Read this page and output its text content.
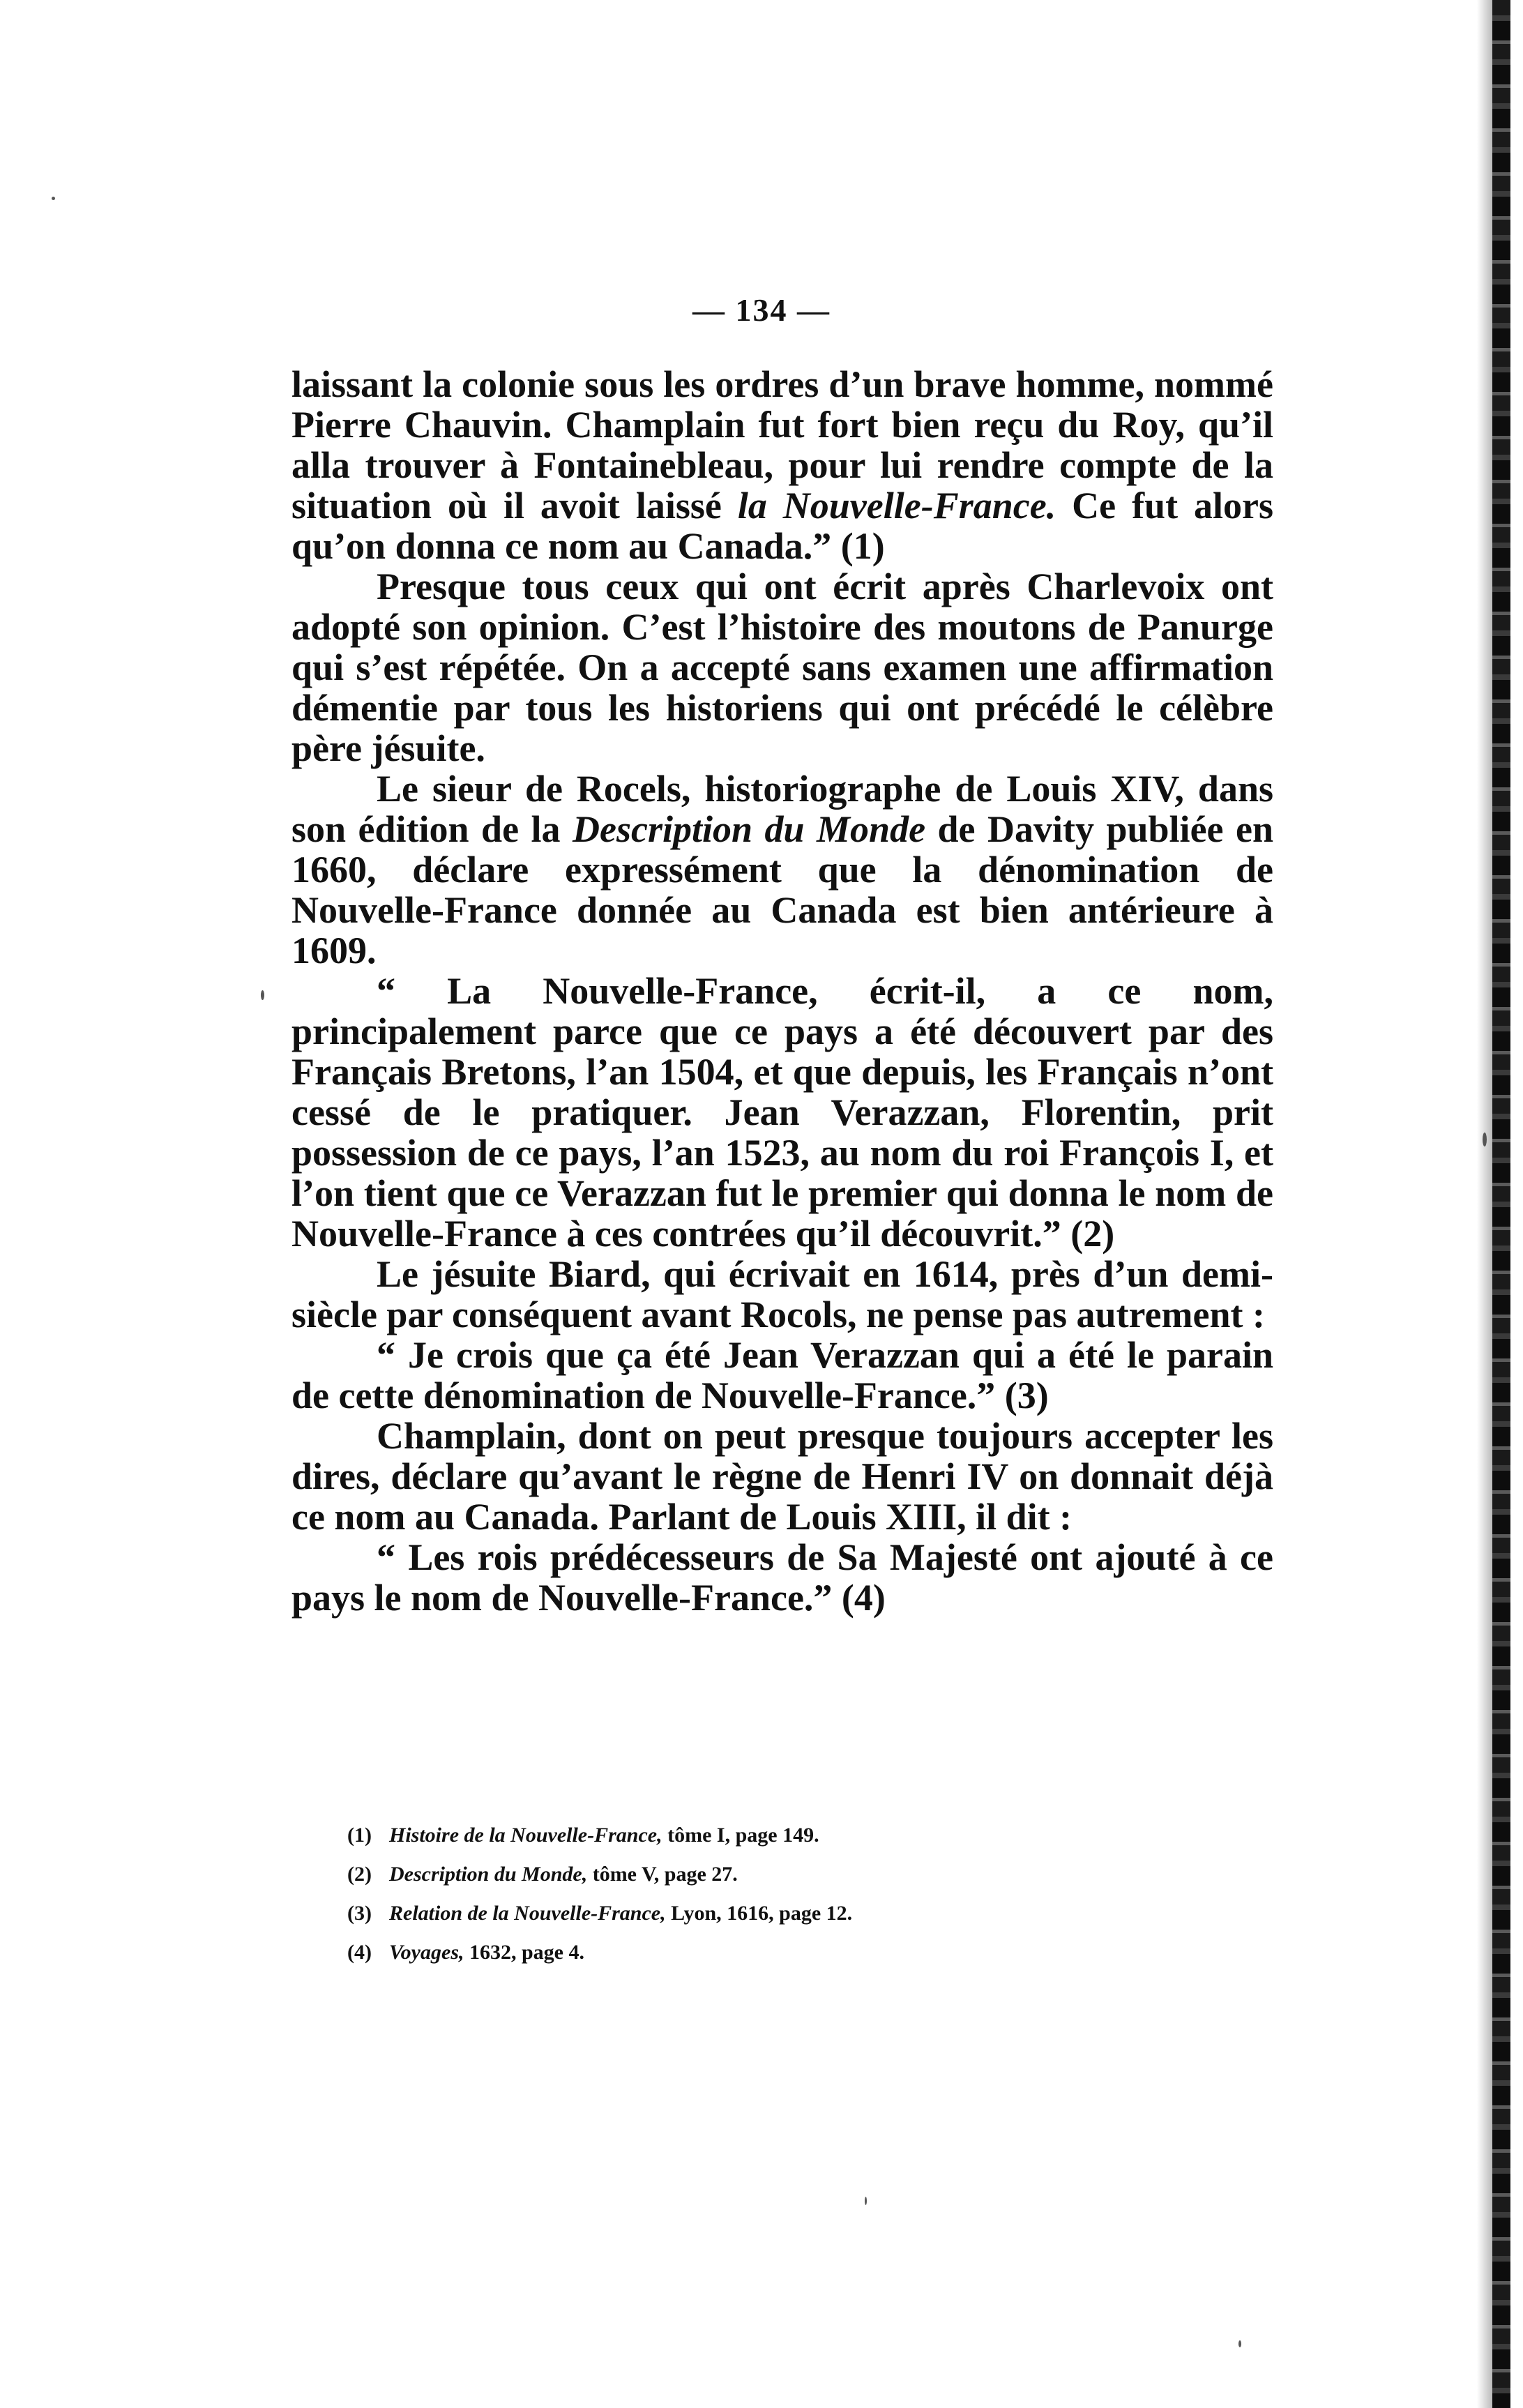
— 134 —

laissant la colonie sous les ordres d’un brave homme, nommé Pierre Chauvin. Champlain fut fort bien reçu du Roy, qu’il alla trouver à Fontainebleau, pour lui rendre compte de la situation où il avoit laissé la Nouvelle-France. Ce fut alors qu’on donna ce nom au Canada.” (1)

Presque tous ceux qui ont écrit après Charlevoix ont adopté son opinion. C’est l’histoire des moutons de Panurge qui s’est répétée. On a accepté sans examen une affirmation démentie par tous les historiens qui ont précédé le célèbre père jésuite.

Le sieur de Rocels, historiographe de Louis XIV, dans son édition de la Description du Monde de Davity publiée en 1660, déclare expressément que la dénomination de Nouvelle-France donnée au Canada est bien antérieure à 1609.

“ La Nouvelle-France, écrit-il, a ce nom, principalement parce que ce pays a été découvert par des Français Bretons, l’an 1504, et que depuis, les Français n’ont cessé de le pratiquer. Jean Verazzan, Florentin, prit possession de ce pays, l’an 1523, au nom du roi François I, et l’on tient que ce Verazzan fut le premier qui donna le nom de Nouvelle-France à ces contrées qu’il découvrit.” (2)

Le jésuite Biard, qui écrivait en 1614, près d’un demi-siècle par conséquent avant Rocols, ne pense pas autrement :

“ Je crois que ça été Jean Verazzan qui a été le parain de cette dénomination de Nouvelle-France.” (3)

Champlain, dont on peut presque toujours accepter les dires, déclare qu’avant le règne de Henri IV on donnait déjà ce nom au Canada. Parlant de Louis XIII, il dit :

“ Les rois prédécesseurs de Sa Majesté ont ajouté à ce pays le nom de Nouvelle-France.” (4)

(1) Histoire de la Nouvelle-France, tôme I, page 149.
(2) Description du Monde, tôme V, page 27.
(3) Relation de la Nouvelle-France, Lyon, 1616, page 12.
(4) Voyages, 1632, page 4.
